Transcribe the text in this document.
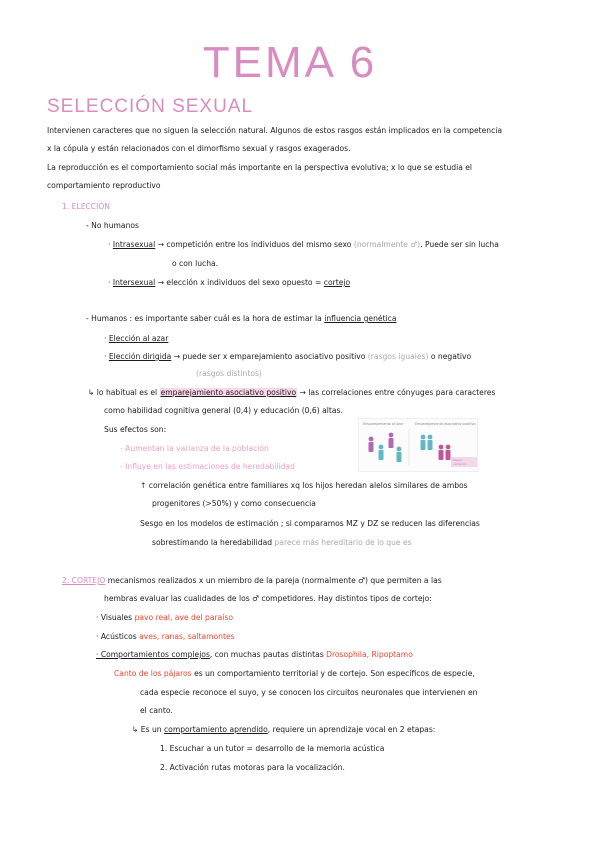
TEMA 6
SELECCIÓN SEXUAL
Intervienen caracteres que no siguen la selección natural. Algunos de estos rasgos están implicados en la competencia
x la cópula y están relacionados con el dimorfismo sexual y rasgos exagerados.
La reproducción es el comportamiento social más importante en la perspectiva evolutiva; x lo que se estudia el
comportamiento reproductivo
1. ELECCIÓN
- No humanos
· Intrasexual → competición entre los individuos del mismo sexo (normalmente ♂). Puede ser sin lucha
o con lucha.
· Intersexual → elección x individuos del sexo opuesto = cortejo
- Humanos : es importante saber cuál es la hora de estimar la influencia genética
· Elección al azar
· Elección dirigida → puede ser x emparejamiento asociativo positivo (rasgos iguales) o negativo
(rasgos distintos)
↳ lo habitual es el emparejamiento asociativo positivo → las correlaciones entre cónyuges para caracteres
como habilidad cognitiva general (0,4) y educación (0,6) altas.
Sus efectos son:
- Aumentan la varianza de la población
- Influye en las estimaciones de heredabilidad
↑ correlación genética entre familiares xq los hijos heredan alelos similares de ambos
progenitores (>50%) y como consecuencia
Sesgo en los modelos de estimación ; si comparamos MZ y DZ se reducen las diferencias
sobrestimando la heredabilidad parece más hereditario de lo que es
Emparejamiento al azar	Emparejamiento asociativo positivo
Mayor varianza
2. CORTEJO mecanismos realizados x un miembro de la pareja (normalmente ♂) que permiten a las
hembras evaluar las cualidades de los ♂ competidores. Hay distintos tipos de cortejo:
· Visuales pavo real, ave del paraíso
· Acústicos aves, ranas, saltamontes
· Comportamientos complejos, con muchas pautas distintas Drosophila, Ripoptamo
Canto de los pájaros es un comportamiento territorial y de cortejo. Son específicos de especie,
cada especie reconoce el suyo, y se conocen los circuitos neuronales que intervienen en
el canto.
↳ Es un comportamiento aprendido, requiere un aprendizaje vocal en 2 etapas:
1. Escuchar a un tutor = desarrollo de la memoria acústica
2. Activación rutas motoras para la vocalización.
